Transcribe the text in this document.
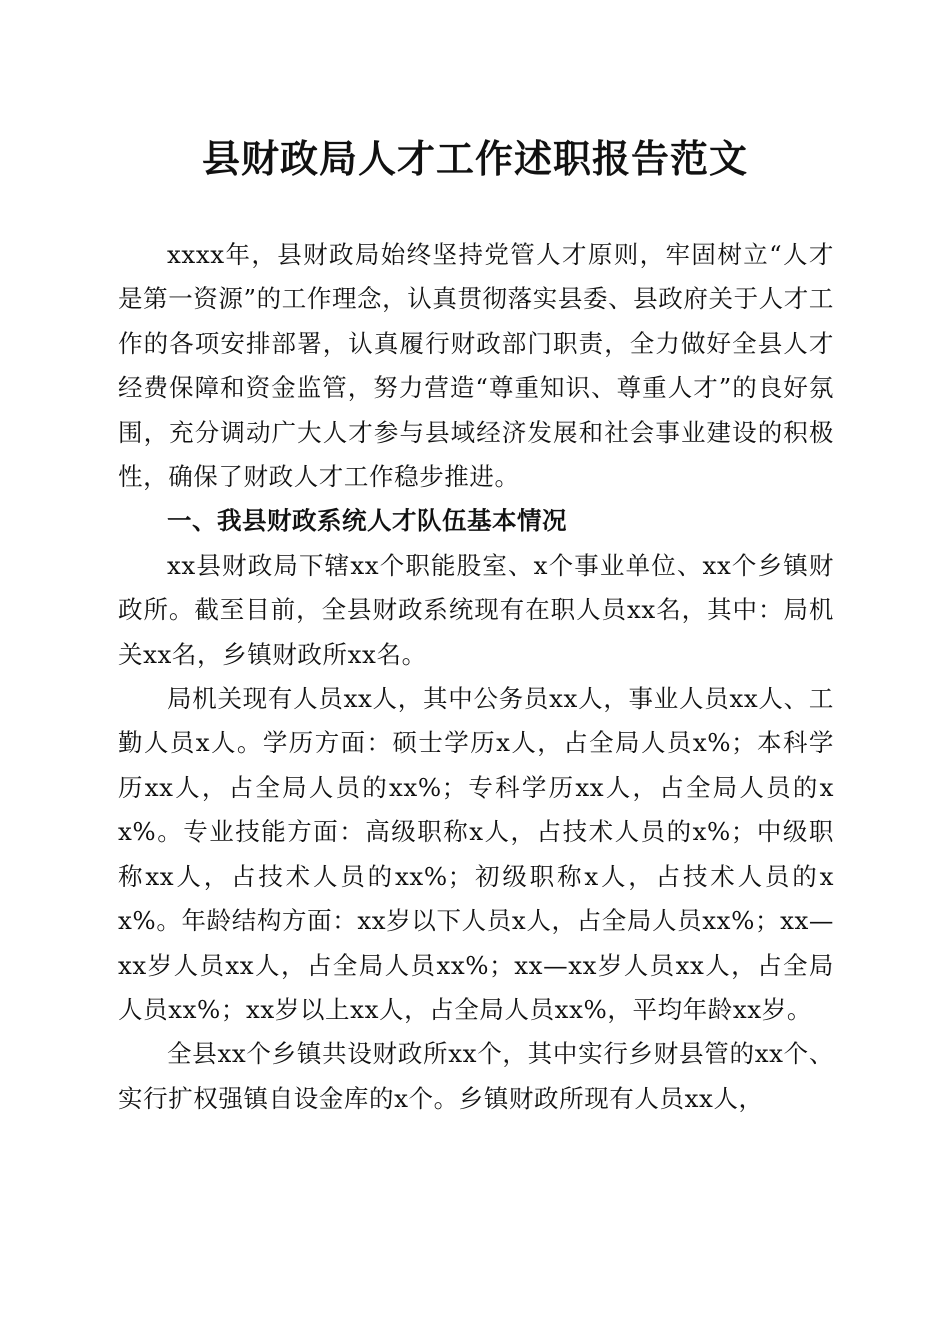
县财政局人才工作述职报告范文

xxxx年，县财政局始终坚持党管人才原则，牢固树立“人才是第一资源”的工作理念，认真贯彻落实县委、县政府关于人才工作的各项安排部署，认真履行财政部门职责，全力做好全县人才经费保障和资金监管，努力营造“尊重知识、尊重人才”的良好氛围，充分调动广大人才参与县域经济发展和社会事业建设的积极性，确保了财政人才工作稳步推进。

一、我县财政系统人才队伍基本情况

xx县财政局下辖xx个职能股室、x个事业单位、xx个乡镇财政所。截至目前，全县财政系统现有在职人员xx名，其中：局机关xx名，乡镇财政所xx名。

局机关现有人员xx人，其中公务员xx人，事业人员xx人、工勤人员x人。学历方面：硕士学历x人，占全局人员x%；本科学历xx人，占全局人员的xx%；专科学历xx人，占全局人员的xx%。专业技能方面：高级职称x人，占技术人员的x%；中级职称xx人，占技术人员的xx%；初级职称x人，占技术人员的xx%。年龄结构方面：xx岁以下人员x人，占全局人员xx%；xx—xx岁人员xx人，占全局人员xx%；xx—xx岁人员xx人，占全局人员xx%；xx岁以上xx人，占全局人员xx%，平均年龄xx岁。

全县xx个乡镇共设财政所xx个，其中实行乡财县管的xx个、实行扩权强镇自设金库的x个。乡镇财政所现有人员xx人，
